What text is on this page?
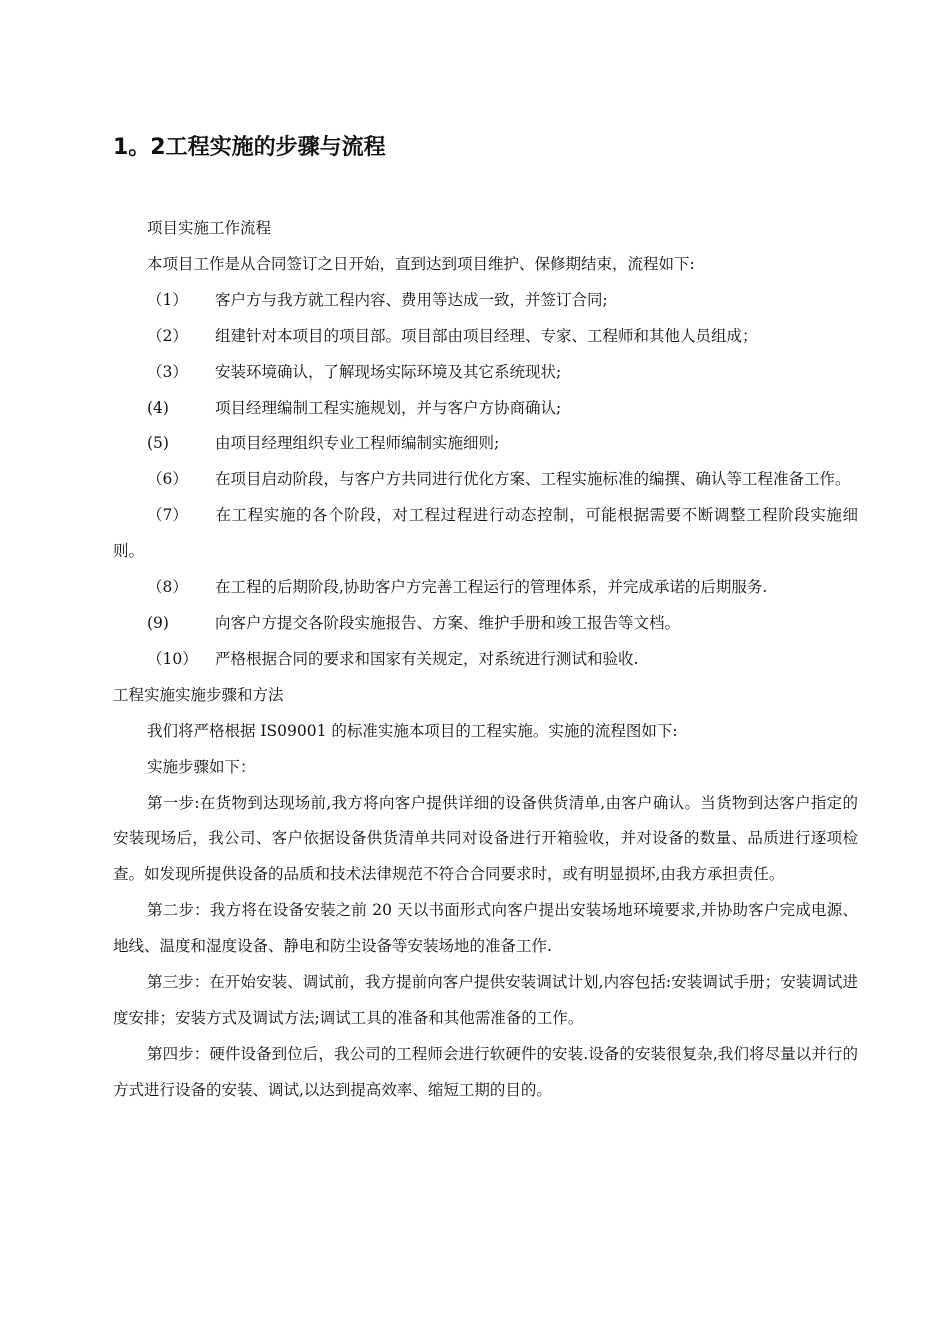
1。2工程实施的步骤与流程

项目实施工作流程

本项目工作是从合同签订之日开始，直到达到项目维护、保修期结束，流程如下:

（1） 客户方与我方就工程内容、费用等达成一致，并签订合同;

（2） 组建针对本项目的项目部。项目部由项目经理、专家、工程师和其他人员组成；

（3） 安装环境确认，了解现场实际环境及其它系统现状;

(4)	项目经理编制工程实施规划，并与客户方协商确认;

(5)	由项目经理组织专业工程师编制实施细则;

（6） 在项目启动阶段，与客户方共同进行优化方案、工程实施标准的编撰、确认等工程准备工作。

（7） 在工程实施的各个阶段，对工程过程进行动态控制，可能根据需要不断调整工程阶段实施细则。

（8） 在工程的后期阶段,协助客户方完善工程运行的管理体系，并完成承诺的后期服务.

(9)	向客户方提交各阶段实施报告、方案、维护手册和竣工报告等文档。

（10） 严格根据合同的要求和国家有关规定，对系统进行测试和验收.

工程实施实施步骤和方法

我们将严格根据 IS09001 的标准实施本项目的工程实施。实施的流程图如下:

实施步骤如下：

第一步:在货物到达现场前,我方将向客户提供详细的设备供货清单,由客户确认。当货物到达客户指定的安装现场后，我公司、客户依据设备供货清单共同对设备进行开箱验收，并对设备的数量、品质进行逐项检查。如发现所提供设备的品质和技术法律规范不符合合同要求时，或有明显损坏,由我方承担责任。

第二步：我方将在设备安装之前 20 天以书面形式向客户提出安装场地环境要求,并协助客户完成电源、地线、温度和湿度设备、静电和防尘设备等安装场地的准备工作.

第三步：在开始安装、调试前，我方提前向客户提供安装调试计划,内容包括:安装调试手册；安装调试进度安排；安装方式及调试方法;调试工具的准备和其他需准备的工作。

第四步：硬件设备到位后，我公司的工程师会进行软硬件的安装.设备的安装很复杂,我们将尽量以并行的方式进行设备的安装、调试,以达到提高效率、缩短工期的目的。
